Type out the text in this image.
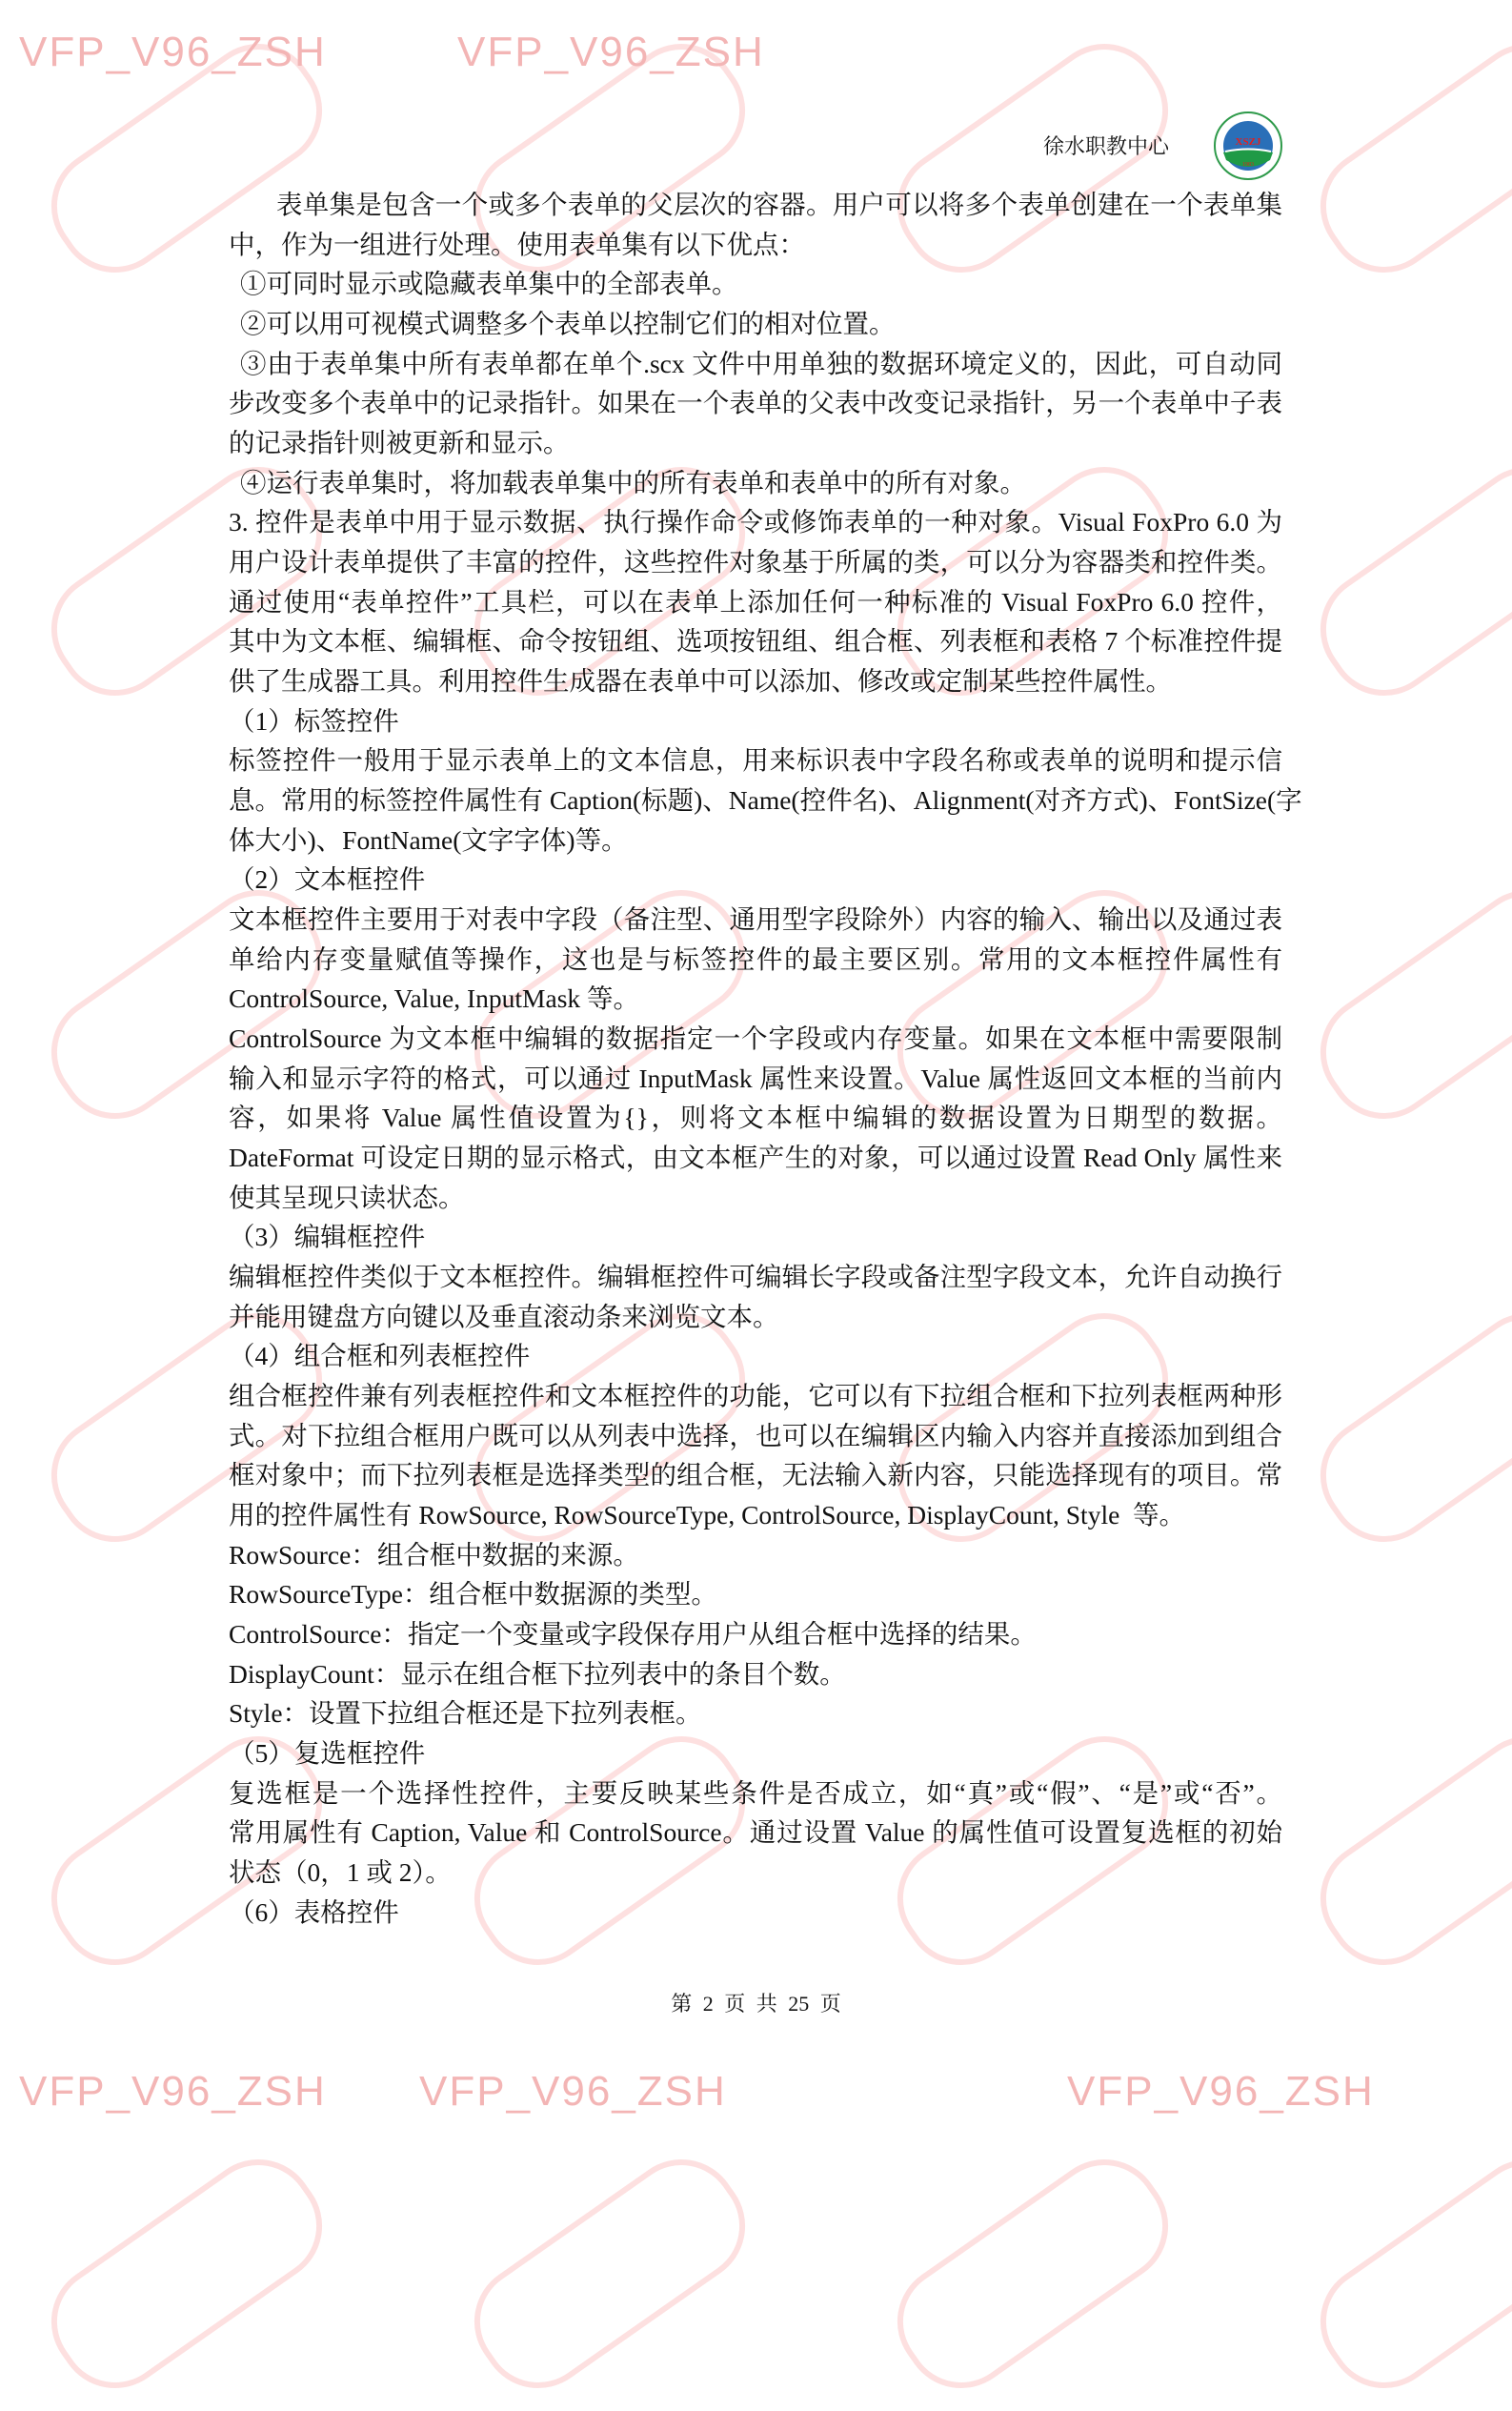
VFP_V96_ZSH	VFP_V96_ZSH
VFP_V96_ZSH VFP_V96_ZSH	VFP_V96_ZSH
徐水职教中心	XSZJ
1983
表单集是包含一个或多个表单的父层次的容器。用户可以将多个表单创建在一个表单集
中，作为一组进行处理。使用表单集有以下优点：
①可同时显示或隐藏表单集中的全部表单。
②可以用可视模式调整多个表单以控制它们的相对位置。
③由于表单集中所有表单都在单个.scx 文件中用单独的数据环境定义的，因此，可自动同
步改变多个表单中的记录指针。如果在一个表单的父表中改变记录指针，另一个表单中子表
的记录指针则被更新和显示。
④运行表单集时，将加载表单集中的所有表单和表单中的所有对象。
3. 控件是表单中用于显示数据、执行操作命令或修饰表单的一种对象。Visual FoxPro 6.0 为
用户设计表单提供了丰富的控件，这些控件对象基于所属的类，可以分为容器类和控件类。
通过使用“表单控件”工具栏，可以在表单上添加任何一种标准的 Visual FoxPro 6.0 控件，
其中为文本框、编辑框、命令按钮组、选项按钮组、组合框、列表框和表格 7 个标准控件提
供了生成器工具。利用控件生成器在表单中可以添加、修改或定制某些控件属性。
（1）标签控件
标签控件一般用于显示表单上的文本信息，用来标识表中字段名称或表单的说明和提示信
息。常用的标签控件属性有 Caption(标题)、Name(控件名)、Alignment(对齐方式)、FontSize(字
体大小)、FontName(文字字体)等。
（2）文本框控件
文本框控件主要用于对表中字段（备注型、通用型字段除外）内容的输入、输出以及通过表
单给内存变量赋值等操作，这也是与标签控件的最主要区别。常用的文本框控件属性有
ControlSource, Value, InputMask 等。
ControlSource 为文本框中编辑的数据指定一个字段或内存变量。如果在文本框中需要限制
输入和显示字符的格式，可以通过 InputMask 属性来设置。Value 属性返回文本框的当前内
容，如果将 Value 属性值设置为{}，则将文本框中编辑的数据设置为日期型的数据。
DateFormat 可设定日期的显示格式，由文本框产生的对象，可以通过设置 Read Only 属性来
使其呈现只读状态。
（3）编辑框控件
编辑框控件类似于文本框控件。编辑框控件可编辑长字段或备注型字段文本，允许自动换行
并能用键盘方向键以及垂直滚动条来浏览文本。
（4）组合框和列表框控件
组合框控件兼有列表框控件和文本框控件的功能，它可以有下拉组合框和下拉列表框两种形
式。对下拉组合框用户既可以从列表中选择，也可以在编辑区内输入内容并直接添加到组合
框对象中；而下拉列表框是选择类型的组合框，无法输入新内容，只能选择现有的项目。常
用的控件属性有 RowSource, RowSourceType, ControlSource, DisplayCount, Style  等。
RowSource：组合框中数据的来源。
RowSourceType：组合框中数据源的类型。
ControlSource：指定一个变量或字段保存用户从组合框中选择的结果。
DisplayCount：显示在组合框下拉列表中的条目个数。
Style：设置下拉组合框还是下拉列表框。
（5）复选框控件
复选框是一个选择性控件，主要反映某些条件是否成立，如“真”或“假”、“是”或“否”。
常用属性有 Caption, Value 和 ControlSource。通过设置 Value 的属性值可设置复选框的初始
状态（0，1 或 2）。
（6）表格控件
第 2 页 共 25 页
